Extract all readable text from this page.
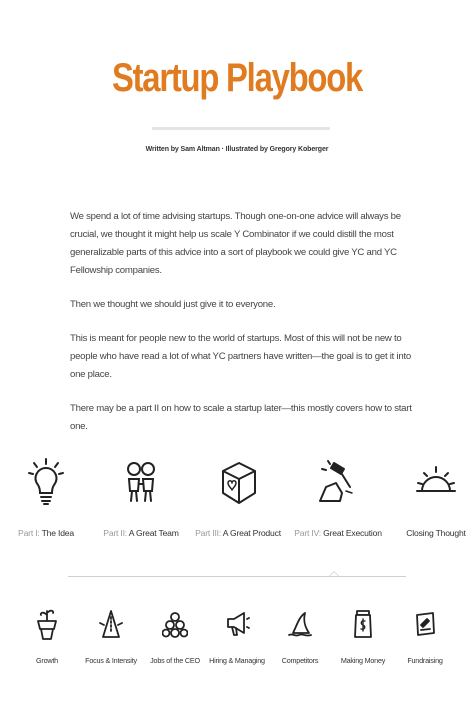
Startup Playbook
Written by Sam Altman · Illustrated by Gregory Koberger

We spend a lot of time advising startups. Though one-on-one advice will always be crucial, we thought it might help us scale Y Combinator if we could distill the most generalizable parts of this advice into a sort of playbook we could give YC and YC Fellowship companies.

Then we thought we should just give it to everyone.

This is meant for people new to the world of startups. Most of this will not be new to people who have read a lot of what YC partners have written—the goal is to get it into one place.

There may be a part II on how to scale a startup later—this mostly covers how to start one.

Part I: The Idea	Part II: A Great Team	Part III: A Great Product	Part IV: Great Execution	Closing Thought
Growth	Focus & Intensity	Jobs of the CEO	Hiring & Managing	Competitors	Making Money	Fundraising
